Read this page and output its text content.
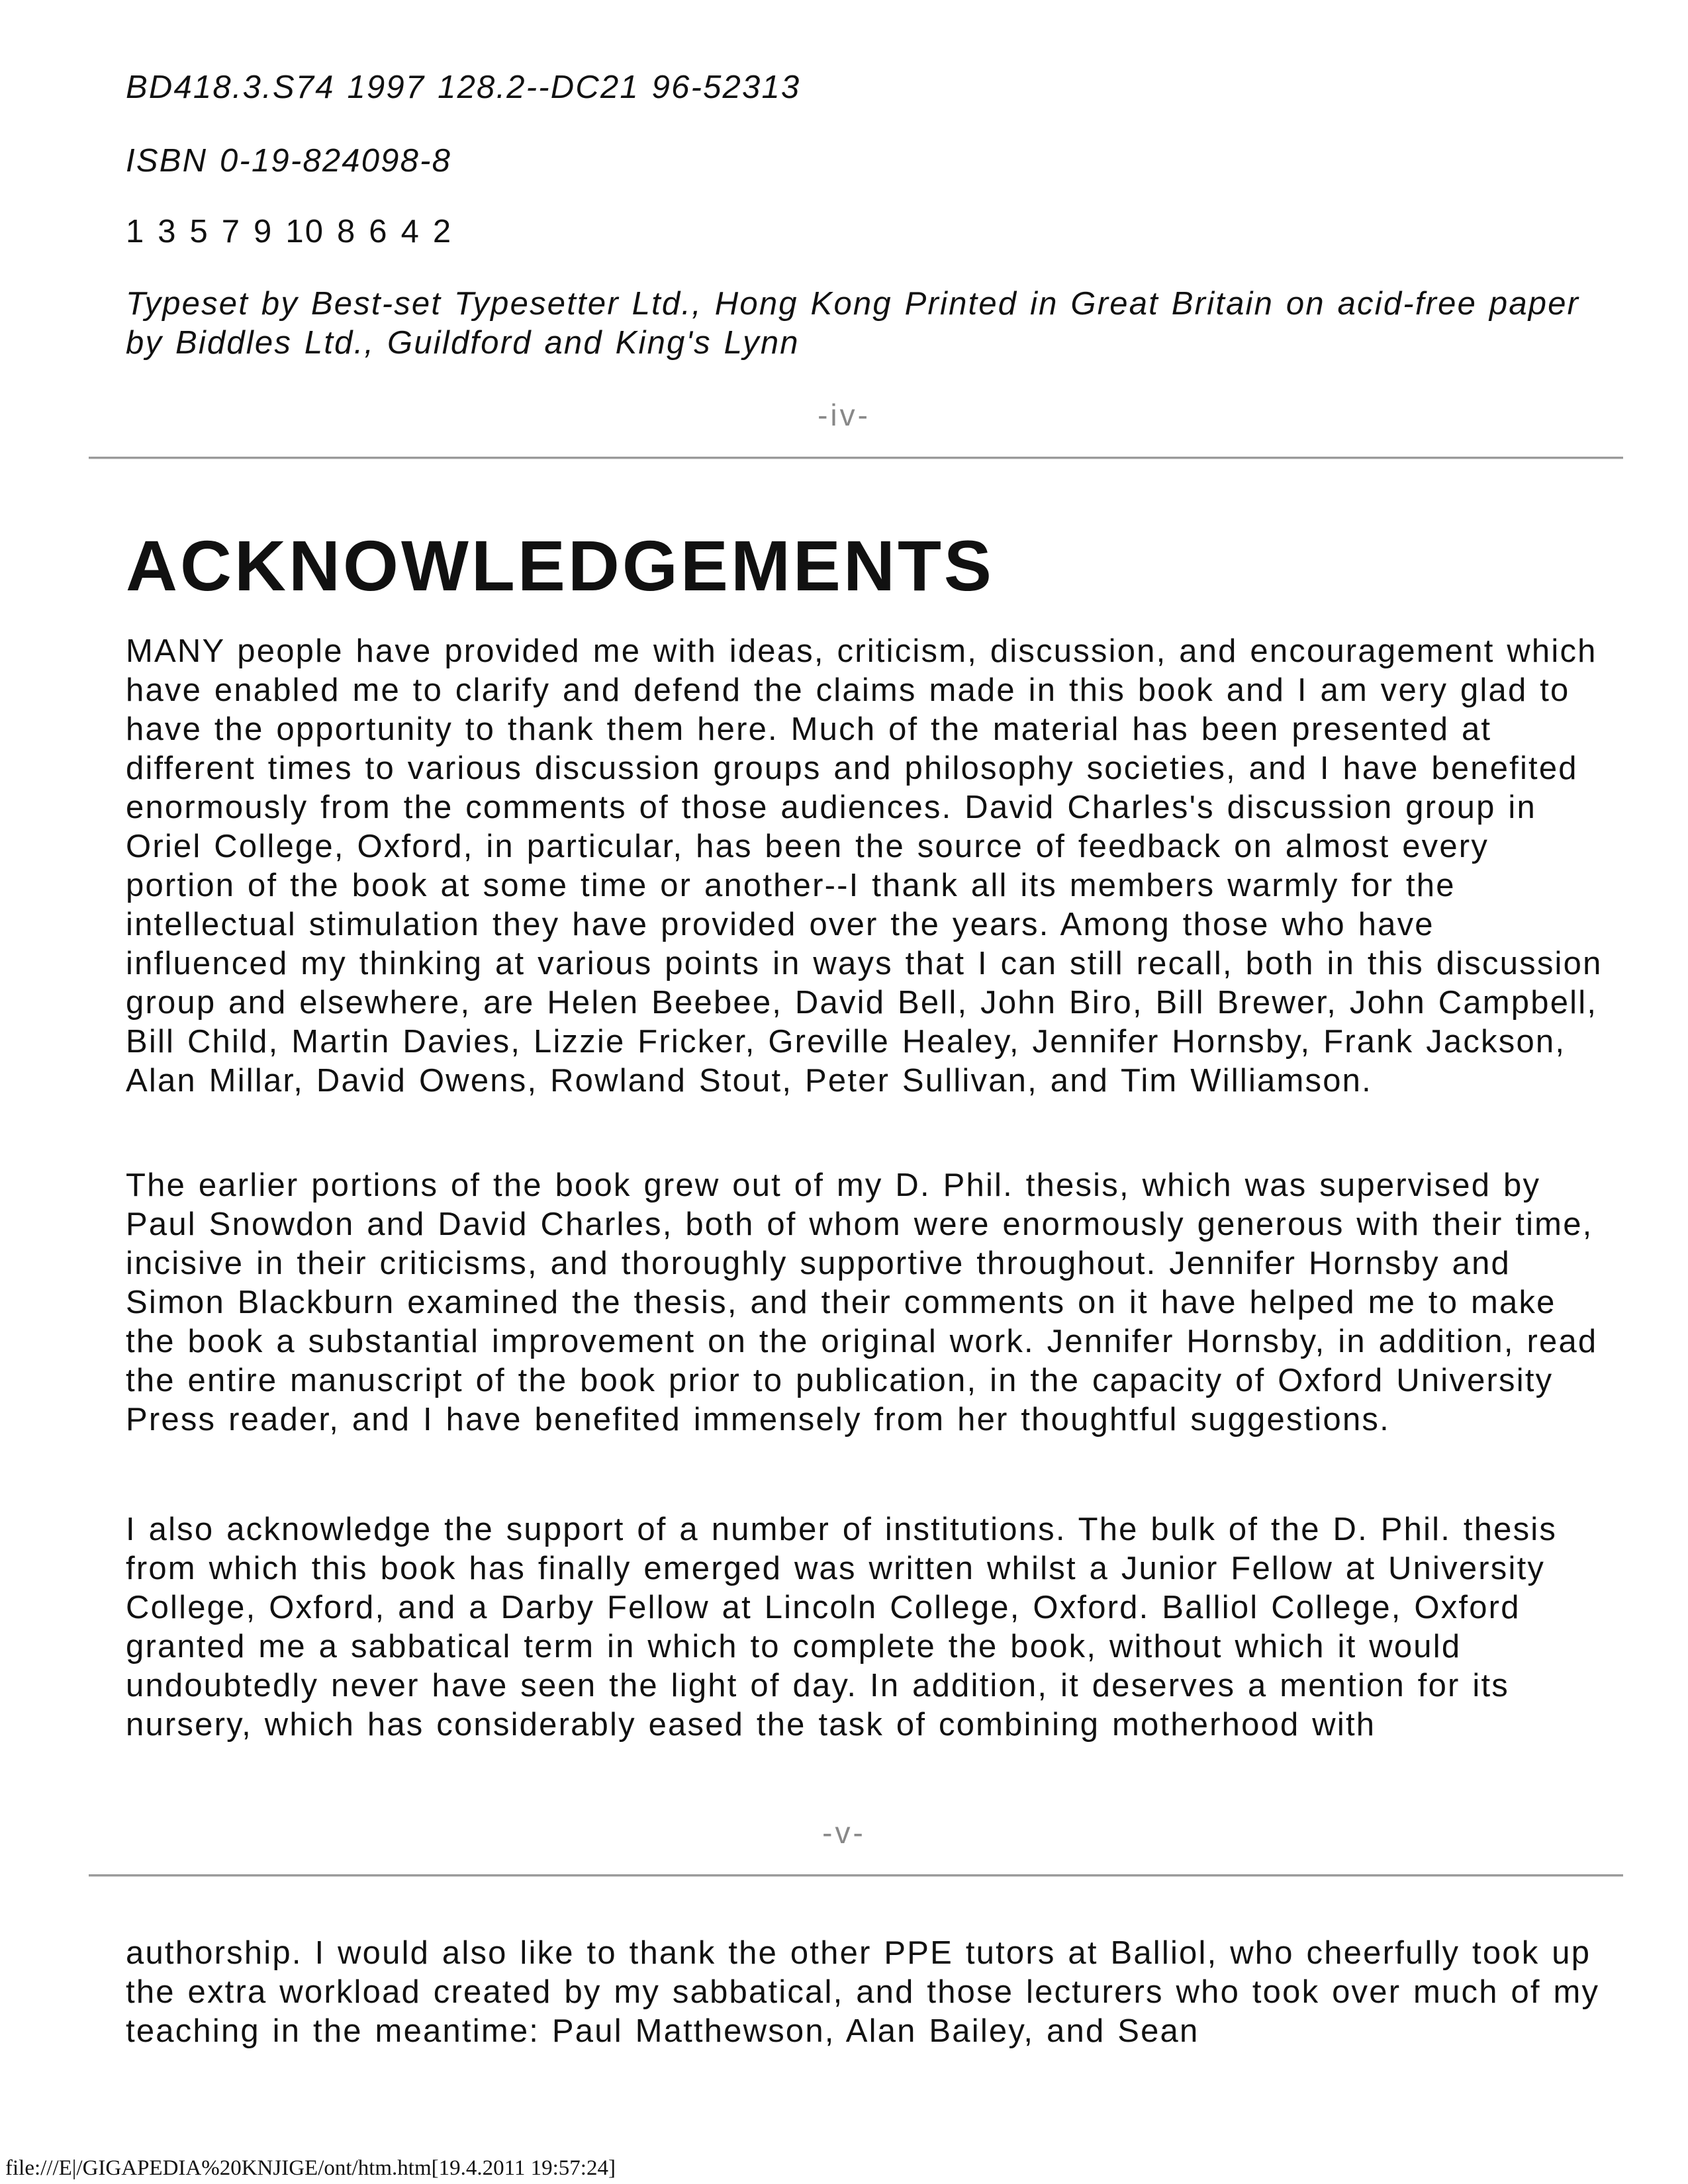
BD418.3.S74 1997 128.2--DC21 96-52313

ISBN 0-19-824098-8

1 3 5 7 9 10 8 6 4 2

Typeset by Best-set Typesetter Ltd., Hong Kong Printed in Great Britain on acid-free paper by Biddles Ltd., Guildford and King's Lynn

-iv-

ACKNOWLEDGEMENTS

MANY people have provided me with ideas, criticism, discussion, and encouragement which have enabled me to clarify and defend the claims made in this book and I am very glad to have the opportunity to thank them here. Much of the material has been presented at different times to various discussion groups and philosophy societies, and I have benefited enormously from the comments of those audiences. David Charles's discussion group in Oriel College, Oxford, in particular, has been the source of feedback on almost every portion of the book at some time or another--I thank all its members warmly for the intellectual stimulation they have provided over the years. Among those who have influenced my thinking at various points in ways that I can still recall, both in this discussion group and elsewhere, are Helen Beebee, David Bell, John Biro, Bill Brewer, John Campbell, Bill Child, Martin Davies, Lizzie Fricker, Greville Healey, Jennifer Hornsby, Frank Jackson, Alan Millar, David Owens, Rowland Stout, Peter Sullivan, and Tim Williamson.

The earlier portions of the book grew out of my D. Phil. thesis, which was supervised by Paul Snowdon and David Charles, both of whom were enormously generous with their time, incisive in their criticisms, and thoroughly supportive throughout. Jennifer Hornsby and Simon Blackburn examined the thesis, and their comments on it have helped me to make the book a substantial improvement on the original work. Jennifer Hornsby, in addition, read the entire manuscript of the book prior to publication, in the capacity of Oxford University Press reader, and I have benefited immensely from her thoughtful suggestions.

I also acknowledge the support of a number of institutions. The bulk of the D. Phil. thesis from which this book has finally emerged was written whilst a Junior Fellow at University College, Oxford, and a Darby Fellow at Lincoln College, Oxford. Balliol College, Oxford granted me a sabbatical term in which to complete the book, without which it would undoubtedly never have seen the light of day. In addition, it deserves a mention for its nursery, which has considerably eased the task of combining motherhood with

-v-

authorship. I would also like to thank the other PPE tutors at Balliol, who cheerfully took up the extra workload created by my sabbatical, and those lecturers who took over much of my teaching in the meantime: Paul Matthewson, Alan Bailey, and Sean

file:///E|/GIGAPEDIA%20KNJIGE/ont/htm.htm[19.4.2011 19:57:24]
